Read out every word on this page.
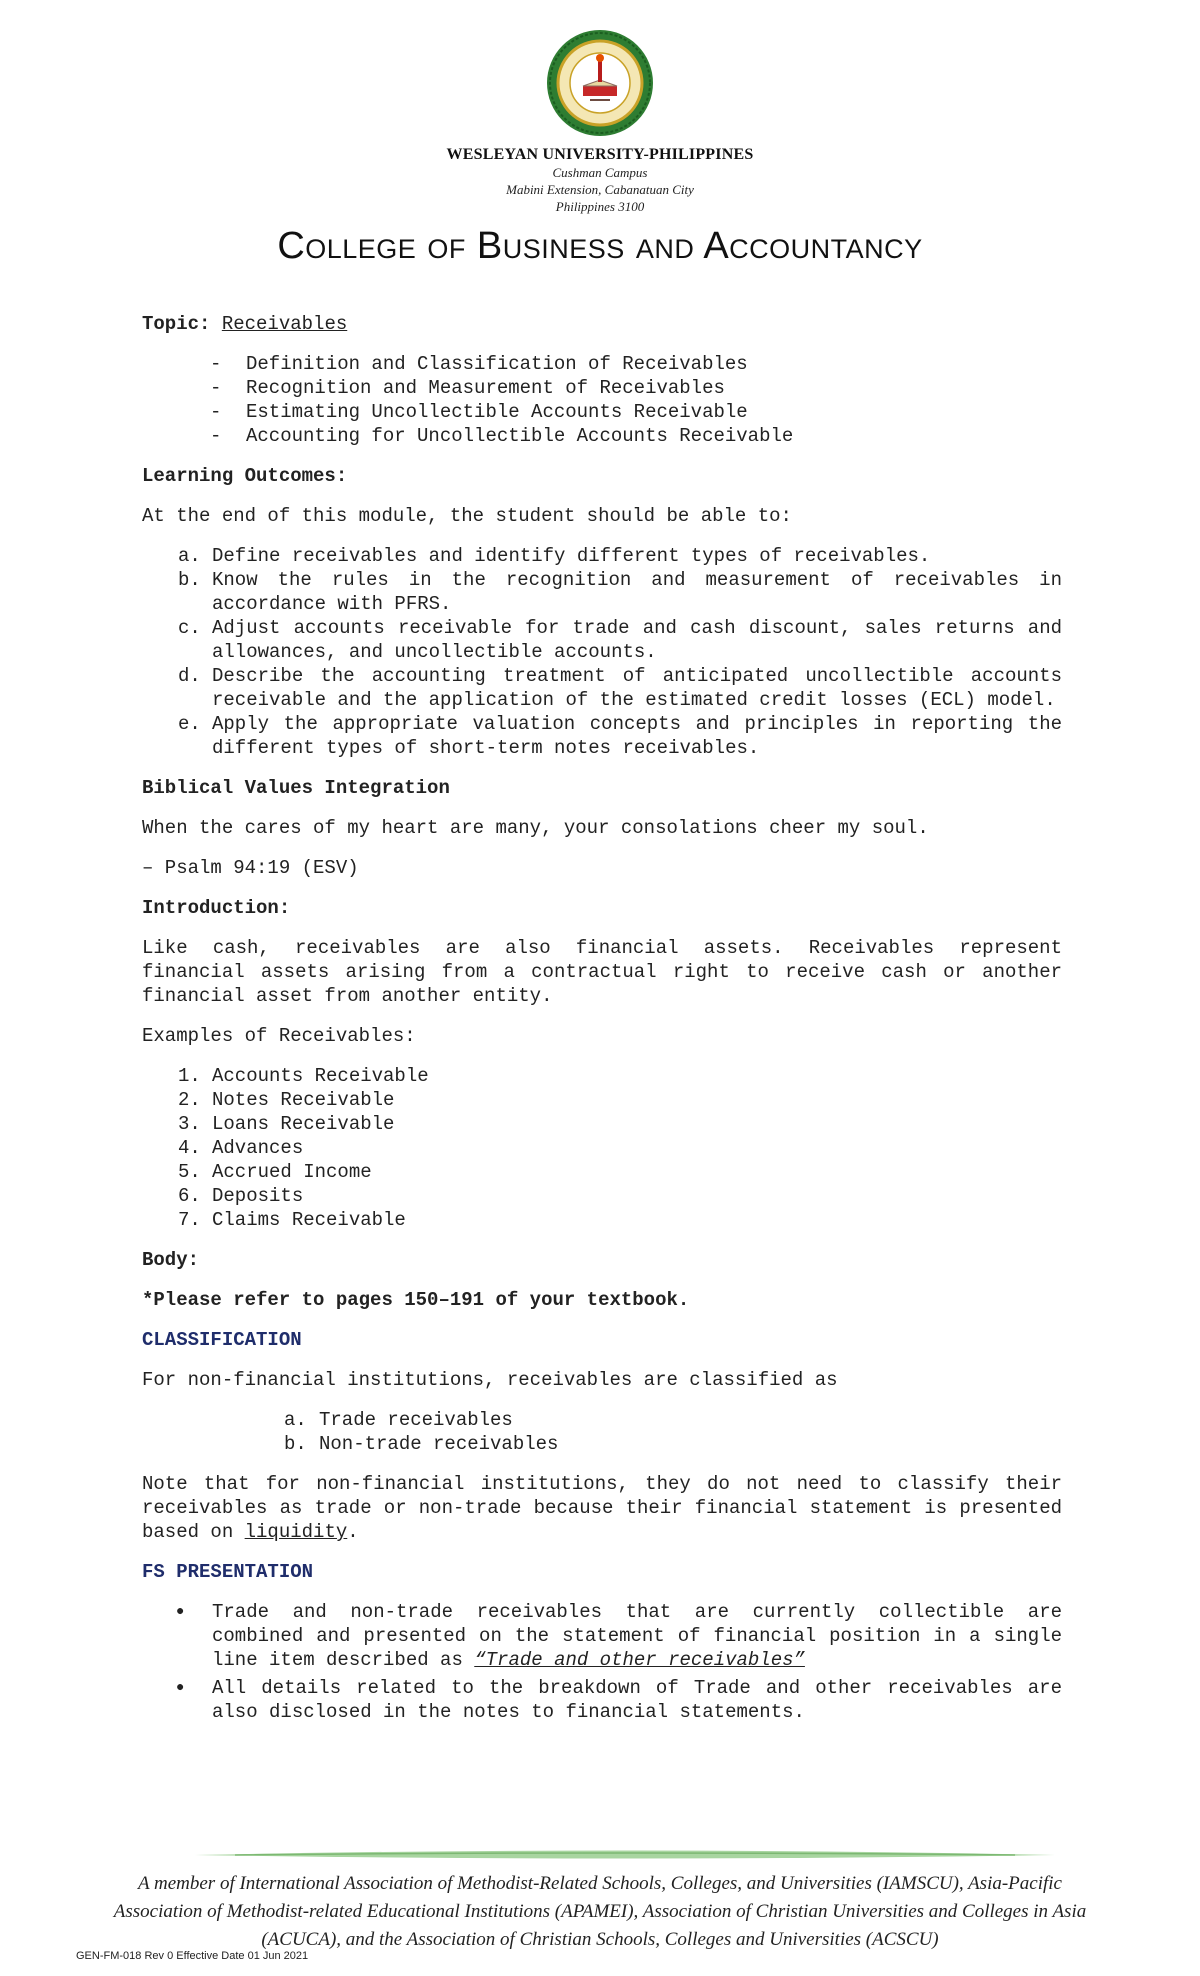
WESLEYAN UNIVERSITY-PHILIPPINES
Cushman Campus
Mabini Extension, Cabanatuan City
Philippines 3100
College of Business and Accountancy

Topic: Receivables

- Definition and Classification of Receivables
- Recognition and Measurement of Receivables
- Estimating Uncollectible Accounts Receivable
- Accounting for Uncollectible Accounts Receivable

Learning Outcomes:

At the end of this module, the student should be able to:

a. Define receivables and identify different types of receivables.
b. Know the rules in the recognition and measurement of receivables in accordance with PFRS.
c. Adjust accounts receivable for trade and cash discount, sales returns and allowances, and uncollectible accounts.
d. Describe the accounting treatment of anticipated uncollectible accounts receivable and the application of the estimated credit losses (ECL) model.
e. Apply the appropriate valuation concepts and principles in reporting the different types of short-term notes receivables.

Biblical Values Integration

When the cares of my heart are many, your consolations cheer my soul.

– Psalm 94:19 (ESV)

Introduction:

Like cash, receivables are also financial assets. Receivables represent financial assets arising from a contractual right to receive cash or another financial asset from another entity.

Examples of Receivables:

1. Accounts Receivable
2. Notes Receivable
3. Loans Receivable
4. Advances
5. Accrued Income
6. Deposits
7. Claims Receivable

Body:

*Please refer to pages 150–191 of your textbook.

CLASSIFICATION

For non-financial institutions, receivables are classified as

a. Trade receivables
b. Non-trade receivables

Note that for non-financial institutions, they do not need to classify their receivables as trade or non-trade because their financial statement is presented based on liquidity.

FS PRESENTATION

● Trade and non-trade receivables that are currently collectible are combined and presented on the statement of financial position in a single line item described as “Trade and other receivables”
● All details related to the breakdown of Trade and other receivables are also disclosed in the notes to financial statements.
A member of International Association of Methodist-Related Schools, Colleges, and Universities (IAMSCU), Asia-Pacific Association of Methodist-related Educational Institutions (APAMEI), Association of Christian Universities and Colleges in Asia (ACUCA), and the Association of Christian Schools, Colleges and Universities (ACSCU)
GEN-FM-018 Rev 0 Effective Date 01 Jun 2021
